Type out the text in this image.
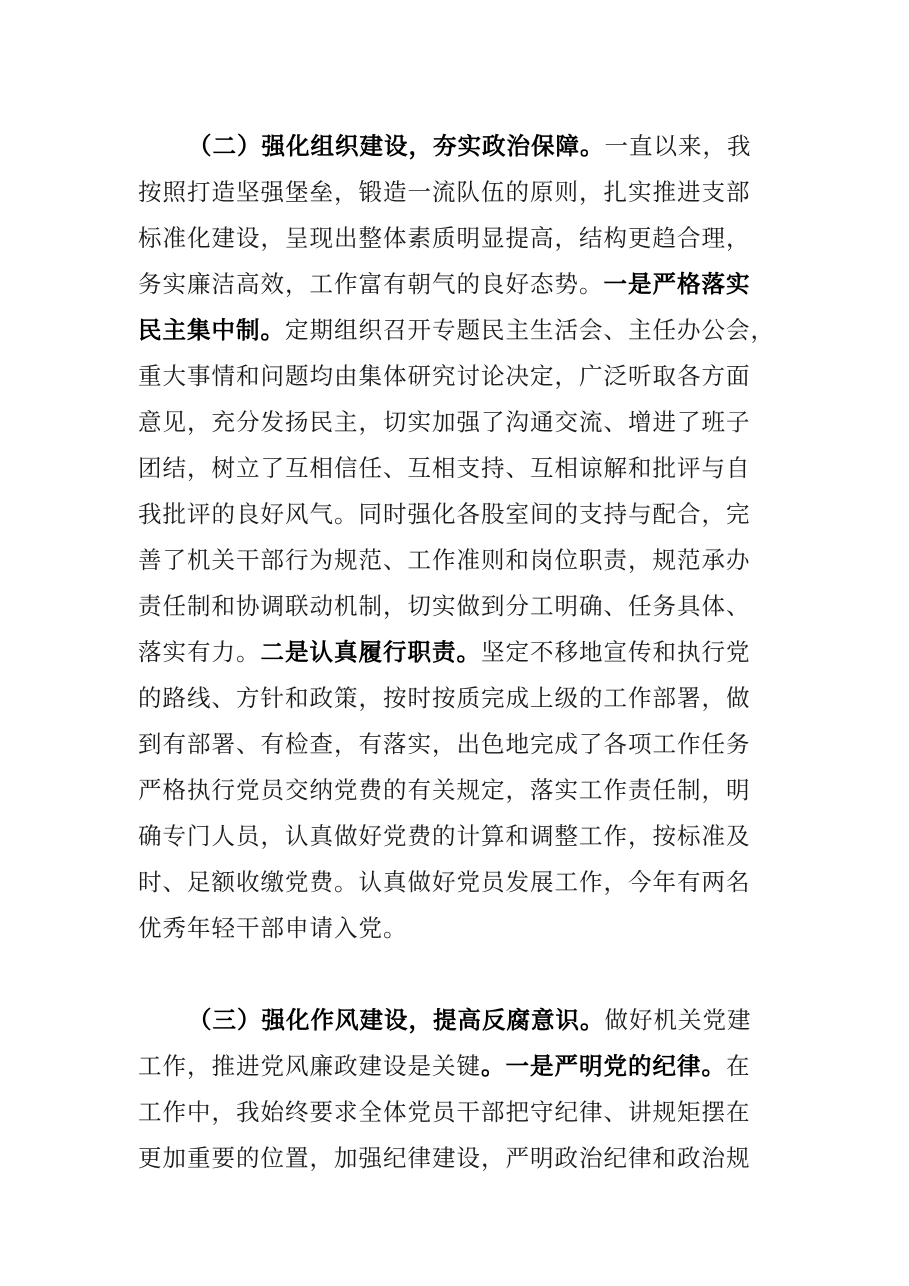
（二）强化组织建设，夯实政治保障。一直以来，我
按照打造坚强堡垒，锻造一流队伍的原则，扎实推进支部
标准化建设，呈现出整体素质明显提高，结构更趋合理，
务实廉洁高效，工作富有朝气的良好态势。一是严格落实
民主集中制。定期组织召开专题民主生活会、主任办公会，
重大事情和问题均由集体研究讨论决定，广泛听取各方面
意见，充分发扬民主，切实加强了沟通交流、增进了班子
团结，树立了互相信任、互相支持、互相谅解和批评与自
我批评的良好风气。同时强化各股室间的支持与配合，完
善了机关干部行为规范、工作准则和岗位职责，规范承办
责任制和协调联动机制，切实做到分工明确、任务具体、
落实有力。二是认真履行职责。坚定不移地宣传和执行党
的路线、方针和政策，按时按质完成上级的工作部署，做
到有部署、有检查，有落实，出色地完成了各项工作任务
严格执行党员交纳党费的有关规定，落实工作责任制，明
确专门人员，认真做好党费的计算和调整工作，按标准及
时、足额收缴党费。认真做好党员发展工作，今年有两名
优秀年轻干部申请入党。
（三）强化作风建设，提高反腐意识。做好机关党建
工作，推进党风廉政建设是关键。一是严明党的纪律。在
工作中，我始终要求全体党员干部把守纪律、讲规矩摆在
更加重要的位置，加强纪律建设，严明政治纪律和政治规
